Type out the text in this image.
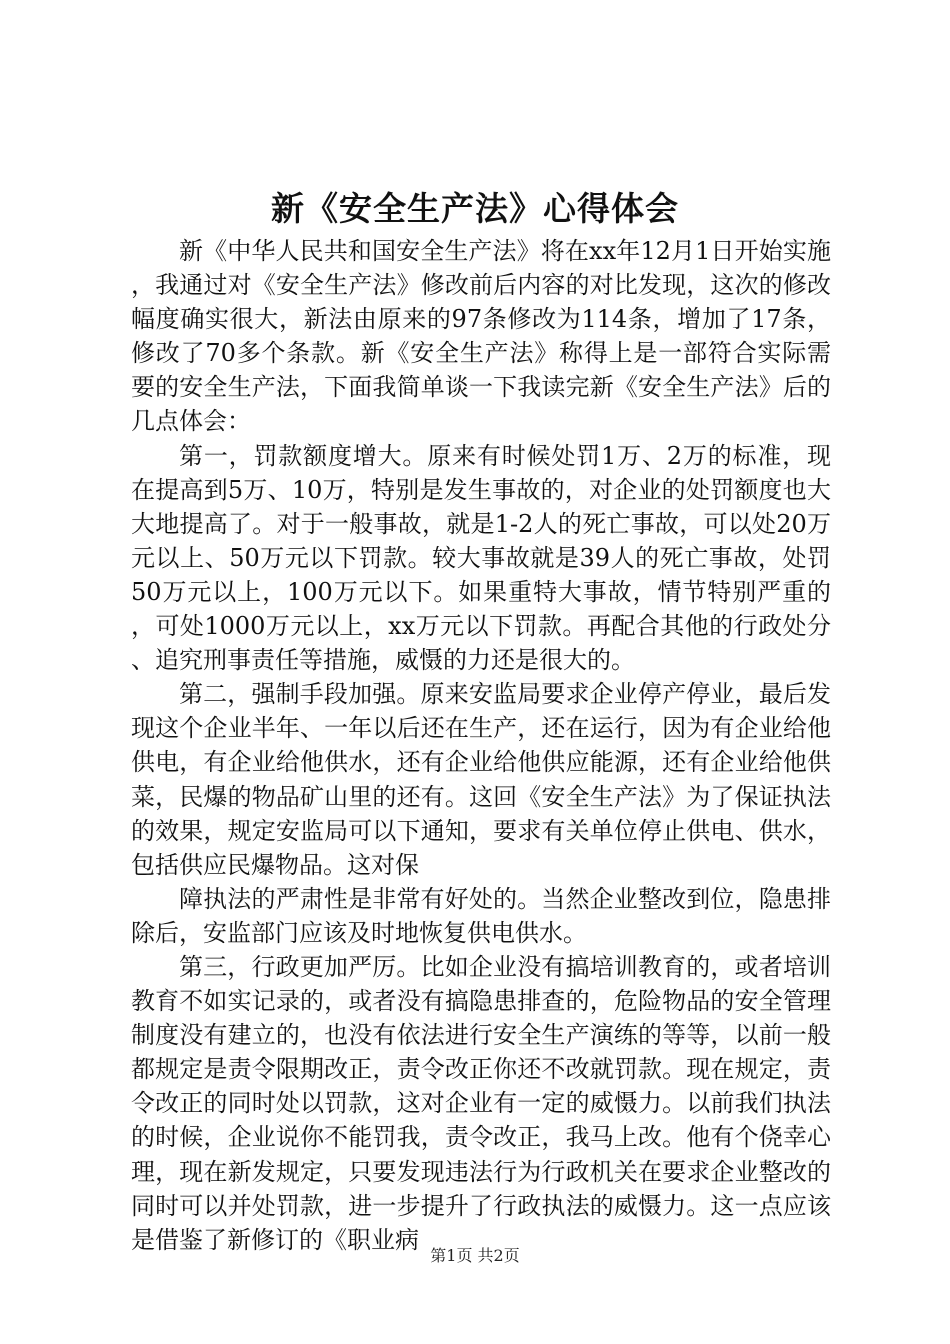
新《安全生产法》心得体会

新《中华人民共和国安全生产法》将在xx年12月1日开始实施，我通过对《安全生产法》修改前后内容的对比发现，这次的修改幅度确实很大，新法由原来的97条修改为114条，增加了17条，修改了70多个条款。新《安全生产法》称得上是一部符合实际需要的安全生产法，下面我简单谈一下我读完新《安全生产法》后的几点体会：

第一，罚款额度增大。原来有时候处罚1万、2万的标准，现在提高到5万、10万，特别是发生事故的，对企业的处罚额度也大大地提高了。对于一般事故，就是1-2人的死亡事故，可以处20万元以上、50万元以下罚款。较大事故就是39人的死亡事故，处罚50万元以上，100万元以下。如果重特大事故，情节特别严重的，可处1000万元以上，xx万元以下罚款。再配合其他的行政处分、追究刑事责任等措施，威慑的力还是很大的。

第二，强制手段加强。原来安监局要求企业停产停业，最后发现这个企业半年、一年以后还在生产，还在运行，因为有企业给他供电，有企业给他供水，还有企业给他供应能源，还有企业给他供菜，民爆的物品矿山里的还有。这回《安全生产法》为了保证执法的效果，规定安监局可以下通知，要求有关单位停止供电、供水，包括供应民爆物品。这对保

障执法的严肃性是非常有好处的。当然企业整改到位，隐患排除后，安监部门应该及时地恢复供电供水。

第三，行政更加严厉。比如企业没有搞培训教育的，或者培训教育不如实记录的，或者没有搞隐患排查的，危险物品的安全管理制度没有建立的，也没有依法进行安全生产演练的等等，以前一般都规定是责令限期改正，责令改正你还不改就罚款。现在规定，责令改正的同时处以罚款，这对企业有一定的威慑力。以前我们执法的时候，企业说你不能罚我，责令改正，我马上改。他有个侥幸心理，现在新发规定，只要发现违法行为行政机关在要求企业整改的同时可以并处罚款，进一步提升了行政执法的威慑力。这一点应该是借鉴了新修订的《职业病

第1页 共2页
